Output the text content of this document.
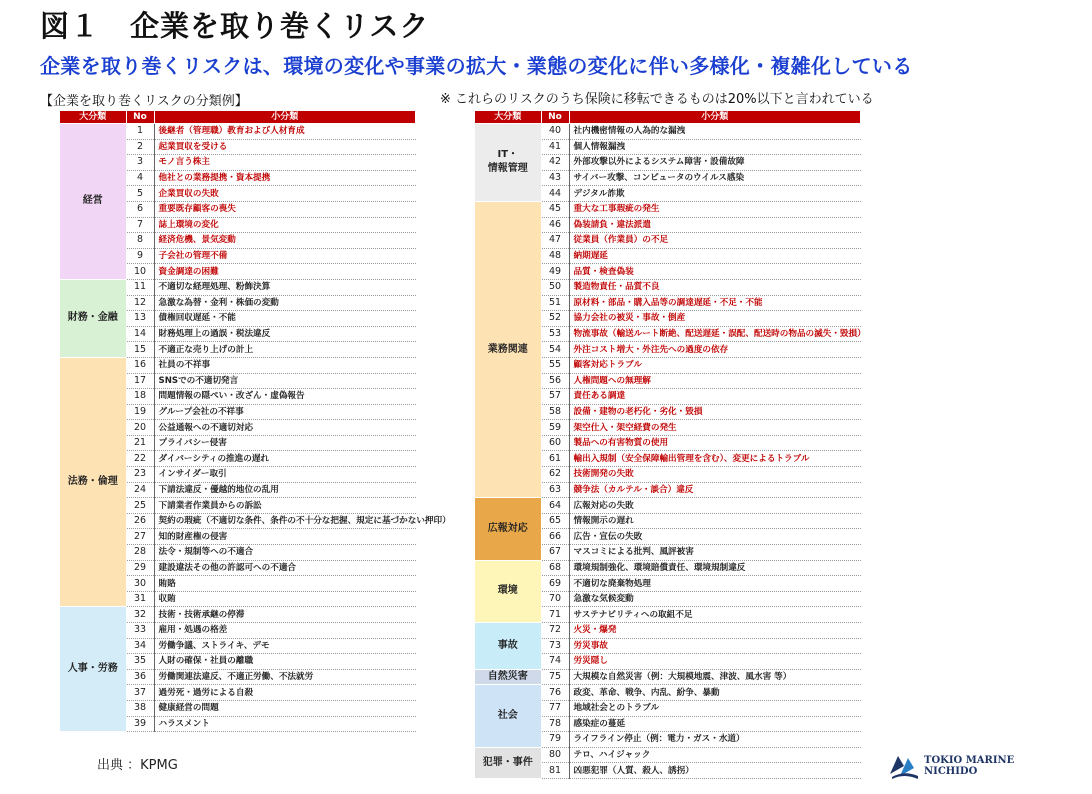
図１　企業を取り巻くリスク
企業を取り巻くリスクは、環境の変化や事業の拡大・業態の変化に伴い多様化・複雑化している
【企業を取り巻くリスクの分類例】	※ これらのリスクのうち保険に移転できるものは20%以下と言われている
大分類	No	小分類
経営	1	後継者（管理職）教育および人材育成
	2	起業買収を受ける
	3	モノ言う株主
	4	他社との業務提携・資本提携
	5	企業買収の失敗
	6	重要既存顧客の喪失
	7	誌上環境の変化
	8	経済危機、景気変動
	9	子会社の管理不備
	10	資金調達の困難
財務・金融	11	不適切な経理処理、粉飾決算
	12	急激な為替・金利・株価の変動
	13	債権回収遅延・不能
	14	財務処理上の過誤・税法違反
	15	不適正な売り上げの計上
法務・倫理	16	社員の不祥事
	17	SNSでの不適切発言
	18	問題情報の隠ぺい・改ざん・虚偽報告
	19	グループ会社の不祥事
	20	公益通報への不適切対応
	21	プライバシー侵害
	22	ダイバーシティの推進の遅れ
	23	インサイダー取引
	24	下請法違反・優越的地位の乱用
	25	下請業者作業員からの訴訟
	26	契約の瑕疵（不適切な条件、条件の不十分な把握、規定に基づかない押印）
	27	知的財産権の侵害
	28	法令・規制等への不適合
	29	建設違法その他の許認可への不適合
	30	賄賂
	31	収賄
人事・労務	32	技術・技術承継の停滞
	33	雇用・処遇の格差
	34	労働争議、ストライキ、デモ
	35	人財の確保・社員の離職
	36	労働関連法違反、不適正労働、不法就労
	37	過労死・過労による自殺
	38	健康経営の問題
	39	ハラスメント
大分類	No	小分類
IT・
情報管理	40	社内機密情報の人為的な漏洩
	41	個人情報漏洩
	42	外部攻撃以外によるシステム障害・設備故障
	43	サイバー攻撃、コンピュータのウイルス感染
	44	デジタル詐欺
業務関連	45	重大な工事瑕疵の発生
	46	偽装請負・違法派遣
	47	従業員（作業員）の不足
	48	納期遅延
	49	品質・検査偽装
	50	製造物責任・品質不良
	51	原材料・部品・購入品等の調達遅延・不足・不能
	52	協力会社の被災・事故・倒産
	53	物流事故（輸送ルート断絶、配送遅延・誤配、配送時の物品の滅失・毀損）
	54	外注コスト増大・外注先への過度の依存
	55	顧客対応トラブル
	56	人権問題への無理解
	57	責任ある調達
	58	設備・建物の老朽化・劣化・毀損
	59	架空仕入・架空経費の発生
	60	製品への有害物質の使用
	61	輸出入規制（安全保障輸出管理を含む）、変更によるトラブル
	62	技術開発の失敗
	63	競争法（カルテル・談合）違反
広報対応	64	広報対応の失敗
	65	情報開示の遅れ
	66	広告・宣伝の失敗
	67	マスコミによる批判、風評被害
環境	68	環境規制強化、環境賠償責任、環境規制違反
	69	不適切な廃棄物処理
	70	急激な気候変動
	71	サステナビリティへの取組不足
事故	72	火災・爆発
	73	労災事故
	74	労災隠し
自然災害	75	大規模な自然災害（例：大規模地震、津波、風水害 等）
社会	76	政変、革命、戦争、内乱、紛争、暴動
	77	地域社会とのトラブル
	78	感染症の蔓延
	79	ライフライン停止（例：電力・ガス・水道）
犯罪・事件	80	テロ、ハイジャック
	81	凶悪犯罪（人質、殺人、誘拐）
出典 ：KPMG	TOKIO MARINE
NICHIDO
